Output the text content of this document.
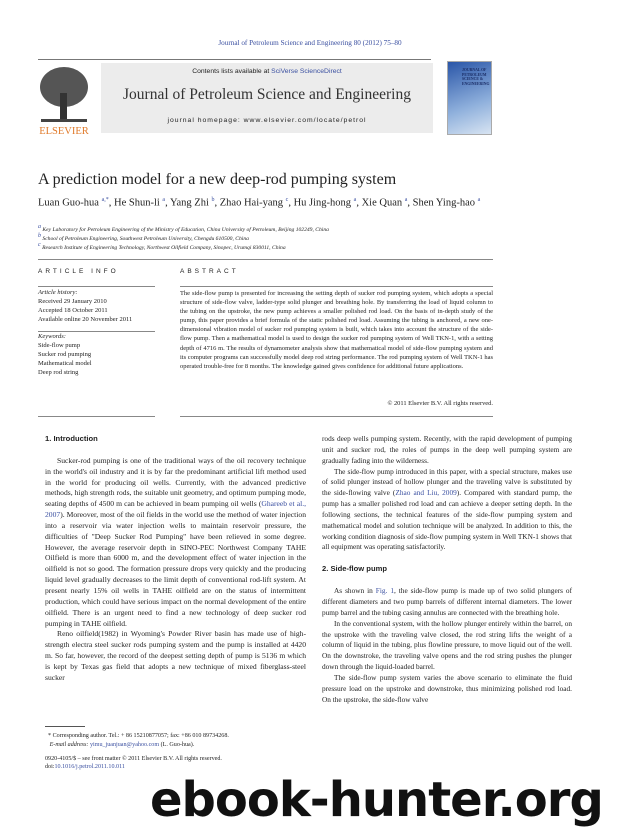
Journal of Petroleum Science and Engineering 80 (2012) 75–80
ELSEVIER
Contents lists available at SciVerse ScienceDirect
Journal of Petroleum Science and Engineering
journal homepage: www.elsevier.com/locate/petrol
JOURNAL OF PETROLEUM SCIENCE & ENGINEERING
A prediction model for a new deep-rod pumping system
Luan Guo-hua $^{a,*}$, He Shun-li $^a$, Yang Zhi $^b$, Zhao Hai-yang $^c$, Hu Jing-hong $^a$, Xie Quan $^a$, Shen Ying-hao $^a$
$^a$ Key Laboratory for Petroleum Engineering of the Ministry of Education, China University of Petroleum, Beijing 102249, China
$^b$ School of Petroleum Engineering, Southwest Petroleum University, Chengdu 610500, China
$^c$ Research Institute of Engineering Technology, Northwest Oilfield Company, Sinopec, Urumqi 830011, China
ARTICLE INFO	ABSTRACT
Article history:
Received 29 January 2010
Accepted 18 October 2011
Available online 20 November 2011
Keywords:
Side-flow pump
Sucker rod pumping
Mathematical model
Deep rod string
The side-flow pump is presented for increasing the setting depth of sucker rod pumping system, which adopts a special structure of side-flow valve, ladder-type solid plunger and breathing hole. By transferring the load of liquid column to the tubing on the upstroke, the new pump achieves a smaller polished rod load. On the basis of in-depth study of the pump, this paper provides a brief formula of the static polished rod load. Assuming the tubing is anchored, a new one-dimensional vibration model of sucker rod pumping system is built, which takes into account the structure of the side-flow pump. Then a mathematical model is used to design the sucker rod pumping system of Well TKN-1, with a setting depth of 4716 m. The results of dynamometer analysis show that mathematical model of side-flow pumping system and its computer programs can successfully model deep rod string performance. The rod pumping system of Well TKN-1 has operated trouble-free for 8 months. The knowledge gained gives confidence for additional future applications.
© 2011 Elsevier B.V. All rights reserved.
1. Introduction

Sucker-rod pumping is one of the traditional ways of the oil recovery technique in the world's oil industry and it is by far the predominant artificial lift method used in the world for producing oil wells. Currently, with the advanced predictive methods, high strength rods, the suitable unit geometry, and optimum pumping mode, seating depths of 4500 m can be achieved in beam pumping oil wells (Ghareeb et al., 2007). Moreover, most of the oil fields in the world use the method of water injection into a reservoir via water injection wells to maintain reservoir pressure, the difficulties of "Deep Sucker Rod Pumping" have been relieved in some degree. However, the average reservoir depth in SINO-PEC Northwest Company TAHE Oilfield is more than 6000 m, and the development effect of water injection in the oilfield is not so good. The formation pressure drops very quickly and the producing liquid level gradually decreases to the limit depth of conventional rod-lift system. At present nearly 15% oil wells in TAHE oilfield are on the status of intermittent production, which could have serious impact on the normal development of the entire oilfield. There is an urgent need to find a new technology of deep sucker rod pumping in TAHE oilfield.

Reno oilfield(1982) in Wyoming's Powder River basin has made use of high-strength electra steel sucker rods pumping system and the pump is installed at 4420 m. So far, however, the record of the deepest setting depth of pump is 5136 m which is kept by Texas gas field that adopts a new technique of mixed fiberglass-steel sucker

* Corresponding author. Tel.: + 86 15210877057; fax: +86 010 89734268.
E-mail address: yimu_juanjuan@yahoo.com (L. Guo-hua).
0920-4105/$ – see front matter © 2011 Elsevier B.V. All rights reserved.
doi:10.1016/j.petrol.2011.10.011

rods deep wells pumping system. Recently, with the rapid development of pumping unit and sucker rod, the roles of pumps in the deep well pumping system are gradually fading into the wilderness.

The side-flow pump introduced in this paper, with a special structure, makes use of solid plunger instead of hollow plunger and the traveling valve is substituted by the side-flowing valve (Zhao and Liu, 2009). Compared with standard pump, the pump has a smaller polished rod load and can achieve a deeper setting depth. In the following sections, the technical features of the side-flow pumping system and mathematical model and solution technique will be analyzed. In addition to this, the working condition diagnosis of side-flow pumping system in Well TKN-1 shows that all equipment was operating satisfactorily.

2. Side-flow pump

As shown in Fig. 1, the side-flow pump is made up of two solid plungers of different diameters and two pump barrels of different internal diameters. The lower pump barrel and the tubing casing annulus are connected with the breathing hole.

In the conventional system, with the hollow plunger entirely within the barrel, on the upstroke with the traveling valve closed, the rod string lifts the weight of a column of liquid in the tubing, plus flowline pressure, to move liquid out of the well. On the downstroke, the traveling valve opens and the rod string pushes the plunger down through the liquid-loaded barrel.

The side-flow pump system varies the above scenario to eliminate the fluid pressure load on the upstroke and downstroke, thus minimizing polished rod load. On the upstroke, the side-flow valve

ebook-hunter.org
